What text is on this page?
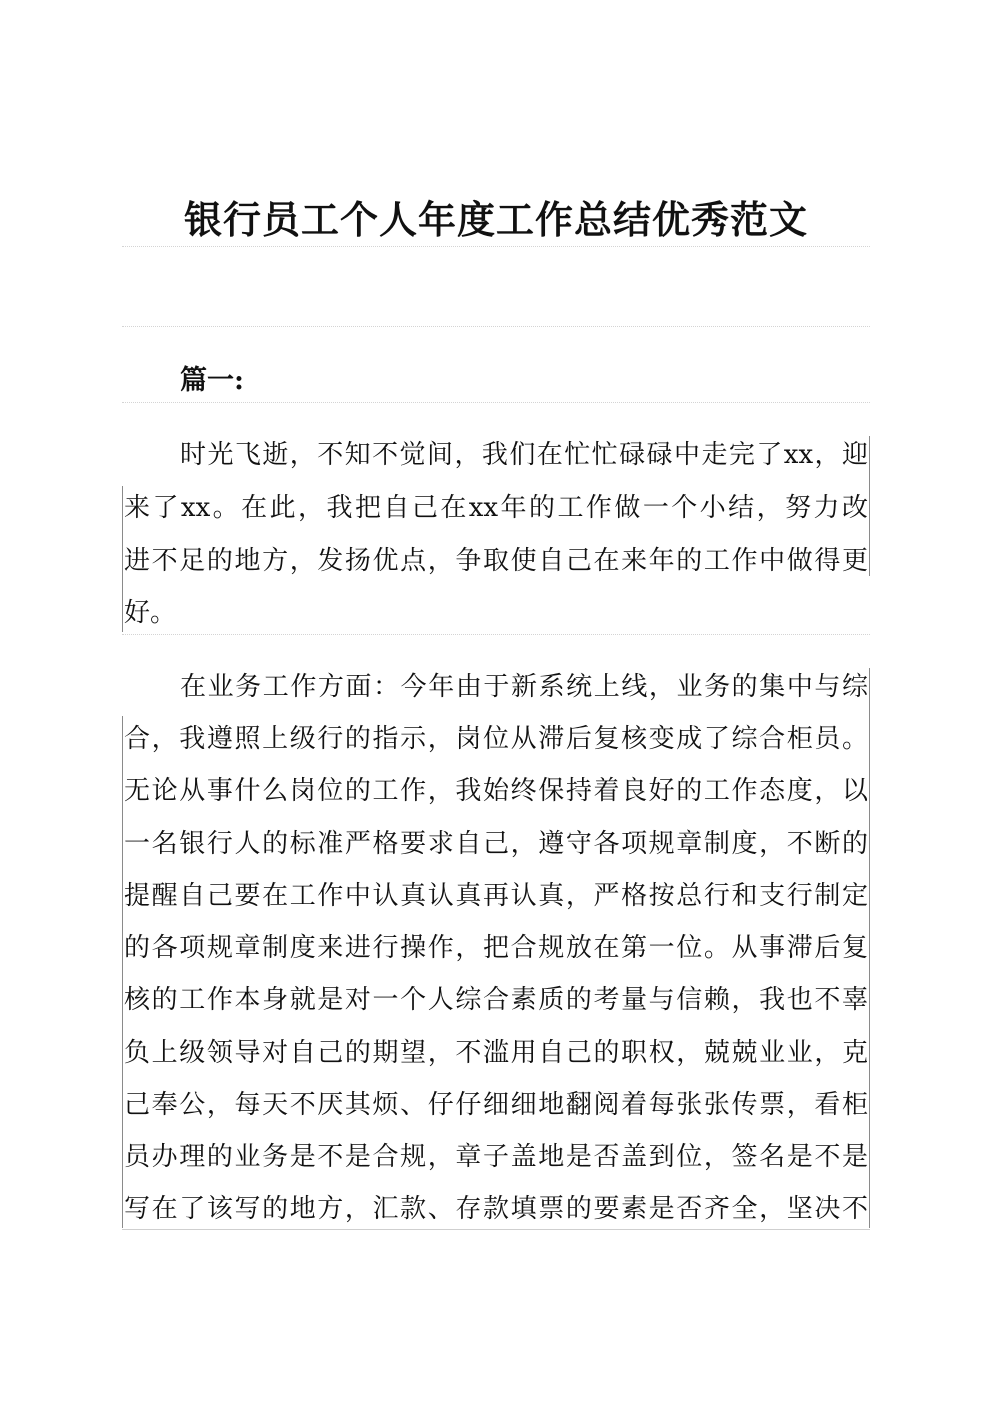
银行员工个人年度工作总结优秀范文
篇一:
时光飞逝，不知不觉间，我们在忙忙碌碌中走完了xx，迎
来了xx。在此，我把自己在xx年的工作做一个小结，努力改
进不足的地方，发扬优点，争取使自己在来年的工作中做得更
好。
在业务工作方面：今年由于新系统上线，业务的集中与综
合，我遵照上级行的指示，岗位从滞后复核变成了综合柜员。
无论从事什么岗位的工作，我始终保持着良好的工作态度，以
一名银行人的标准严格要求自己，遵守各项规章制度，不断的
提醒自己要在工作中认真认真再认真，严格按总行和支行制定
的各项规章制度来进行操作，把合规放在第一位。从事滞后复
核的工作本身就是对一个人综合素质的考量与信赖，我也不辜
负上级领导对自己的期望，不滥用自己的职权，兢兢业业，克
己奉公，每天不厌其烦、仔仔细细地翻阅着每张张传票，看柜
员办理的业务是不是合规，章子盖地是否盖到位，签名是不是
写在了该写的地方，汇款、存款填票的要素是否齐全，坚决不
